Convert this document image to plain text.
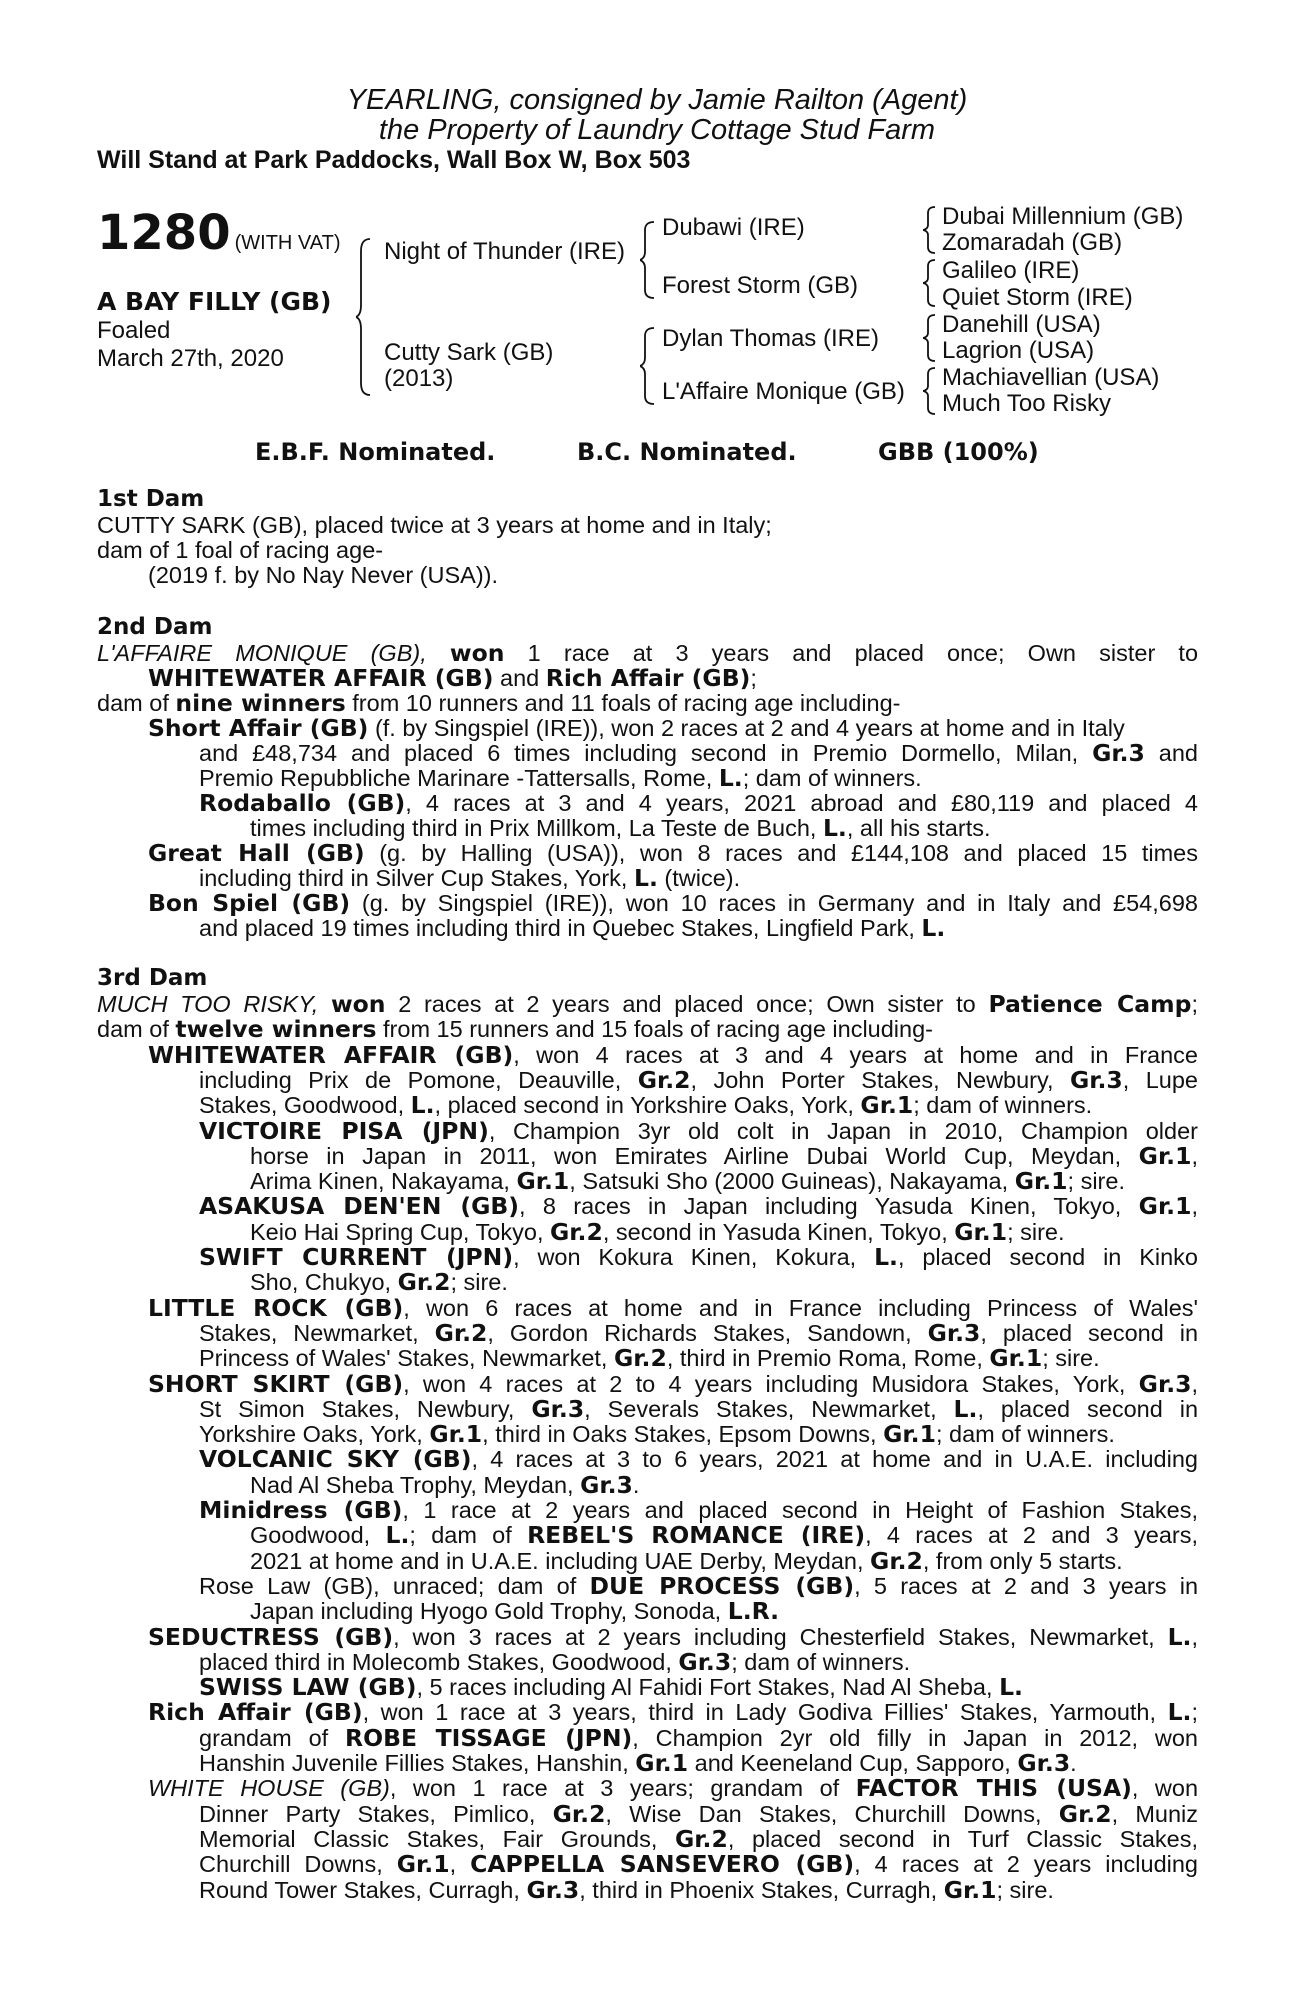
YEARLING, consigned by Jamie Railton (Agent)
the Property of Laundry Cottage Stud Farm
Will Stand at Park Paddocks, Wall Box W, Box 503
1280 (WITH VAT)
A BAY FILLY (GB)
Foaled
March 27th, 2020
Night of Thunder (IRE)
Cutty Sark (GB)
(2013)
Dubawi (IRE)
Forest Storm (GB)
Dylan Thomas (IRE)
L'Affaire Monique (GB)
Dubai Millennium (GB)
Zomaradah (GB)
Galileo (IRE)
Quiet Storm (IRE)
Danehill (USA)
Lagrion (USA)
Machiavellian (USA)
Much Too Risky
E.B.F. Nominated.	B.C. Nominated.	GBB (100%)
1st Dam
CUTTY SARK (GB), placed twice at 3 years at home and in Italy;
dam of 1 foal of racing age-
(2019 f. by No Nay Never (USA)).
2nd Dam
L'AFFAIRE MONIQUE (GB), won 1 race at 3 years and placed once; Own sister to
WHITEWATER AFFAIR (GB) and Rich Affair (GB);
dam of nine winners from 10 runners and 11 foals of racing age including-
Short Affair (GB) (f. by Singspiel (IRE)), won 2 races at 2 and 4 years at home and in Italy
and £48,734 and placed 6 times including second in Premio Dormello, Milan, Gr.3 and
Premio Repubbliche Marinare -Tattersalls, Rome, L.; dam of winners.
Rodaballo (GB), 4 races at 3 and 4 years, 2021 abroad and £80,119 and placed 4
times including third in Prix Millkom, La Teste de Buch, L., all his starts.
Great Hall (GB) (g. by Halling (USA)), won 8 races and £144,108 and placed 15 times
including third in Silver Cup Stakes, York, L. (twice).
Bon Spiel (GB) (g. by Singspiel (IRE)), won 10 races in Germany and in Italy and £54,698
and placed 19 times including third in Quebec Stakes, Lingfield Park, L.
3rd Dam
MUCH TOO RISKY, won 2 races at 2 years and placed once; Own sister to Patience Camp;
dam of twelve winners from 15 runners and 15 foals of racing age including-
WHITEWATER AFFAIR (GB), won 4 races at 3 and 4 years at home and in France
including Prix de Pomone, Deauville, Gr.2, John Porter Stakes, Newbury, Gr.3, Lupe
Stakes, Goodwood, L., placed second in Yorkshire Oaks, York, Gr.1; dam of winners.
VICTOIRE PISA (JPN), Champion 3yr old colt in Japan in 2010, Champion older
horse in Japan in 2011, won Emirates Airline Dubai World Cup, Meydan, Gr.1,
Arima Kinen, Nakayama, Gr.1, Satsuki Sho (2000 Guineas), Nakayama, Gr.1; sire.
ASAKUSA DEN'EN (GB), 8 races in Japan including Yasuda Kinen, Tokyo, Gr.1,
Keio Hai Spring Cup, Tokyo, Gr.2, second in Yasuda Kinen, Tokyo, Gr.1; sire.
SWIFT CURRENT (JPN), won Kokura Kinen, Kokura, L., placed second in Kinko
Sho, Chukyo, Gr.2; sire.
LITTLE ROCK (GB), won 6 races at home and in France including Princess of Wales'
Stakes, Newmarket, Gr.2, Gordon Richards Stakes, Sandown, Gr.3, placed second in
Princess of Wales' Stakes, Newmarket, Gr.2, third in Premio Roma, Rome, Gr.1; sire.
SHORT SKIRT (GB), won 4 races at 2 to 4 years including Musidora Stakes, York, Gr.3,
St Simon Stakes, Newbury, Gr.3, Severals Stakes, Newmarket, L., placed second in
Yorkshire Oaks, York, Gr.1, third in Oaks Stakes, Epsom Downs, Gr.1; dam of winners.
VOLCANIC SKY (GB), 4 races at 3 to 6 years, 2021 at home and in U.A.E. including
Nad Al Sheba Trophy, Meydan, Gr.3.
Minidress (GB), 1 race at 2 years and placed second in Height of Fashion Stakes,
Goodwood, L.; dam of REBEL'S ROMANCE (IRE), 4 races at 2 and 3 years,
2021 at home and in U.A.E. including UAE Derby, Meydan, Gr.2, from only 5 starts.
Rose Law (GB), unraced; dam of DUE PROCESS (GB), 5 races at 2 and 3 years in
Japan including Hyogo Gold Trophy, Sonoda, L.R.
SEDUCTRESS (GB), won 3 races at 2 years including Chesterfield Stakes, Newmarket, L.,
placed third in Molecomb Stakes, Goodwood, Gr.3; dam of winners.
SWISS LAW (GB), 5 races including Al Fahidi Fort Stakes, Nad Al Sheba, L.
Rich Affair (GB), won 1 race at 3 years, third in Lady Godiva Fillies' Stakes, Yarmouth, L.;
grandam of ROBE TISSAGE (JPN), Champion 2yr old filly in Japan in 2012, won
Hanshin Juvenile Fillies Stakes, Hanshin, Gr.1 and Keeneland Cup, Sapporo, Gr.3.
WHITE HOUSE (GB), won 1 race at 3 years; grandam of FACTOR THIS (USA), won
Dinner Party Stakes, Pimlico, Gr.2, Wise Dan Stakes, Churchill Downs, Gr.2, Muniz
Memorial Classic Stakes, Fair Grounds, Gr.2, placed second in Turf Classic Stakes,
Churchill Downs, Gr.1, CAPPELLA SANSEVERO (GB), 4 races at 2 years including
Round Tower Stakes, Curragh, Gr.3, third in Phoenix Stakes, Curragh, Gr.1; sire.
